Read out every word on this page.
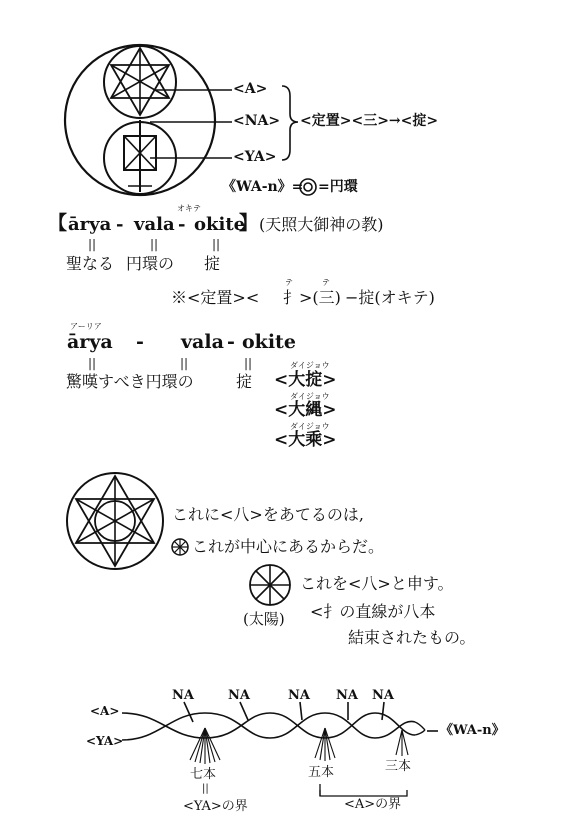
<A>
<NA>
<YA>
<定置><三>→<掟>
《WA-n》= =円環
オキテ
【 ārya - vala - okite
】 (天照大御神の教)
||	||	||
聖なる 円環の 掟
※<定置><
テ
扌
テ
>(三) −掟(オキテ)
アーリア
ārya - vala - okite
||	||	||
驚嘆すべき円環の	掟
ダイジョウ
<大掟>
ダイジョウ
<大縄>
ダイジョウ
<大乘>
これに<八>をあてるのは,
これが中心にあるからだ。
これを<八>と申す。
<扌の直線が八本
結束されたもの。
(太陽)
<A>
<YA>
NA	NA	NA NA NA
《WA-n》
七本
||
<YA>の界
五本	三本
<A>の界
